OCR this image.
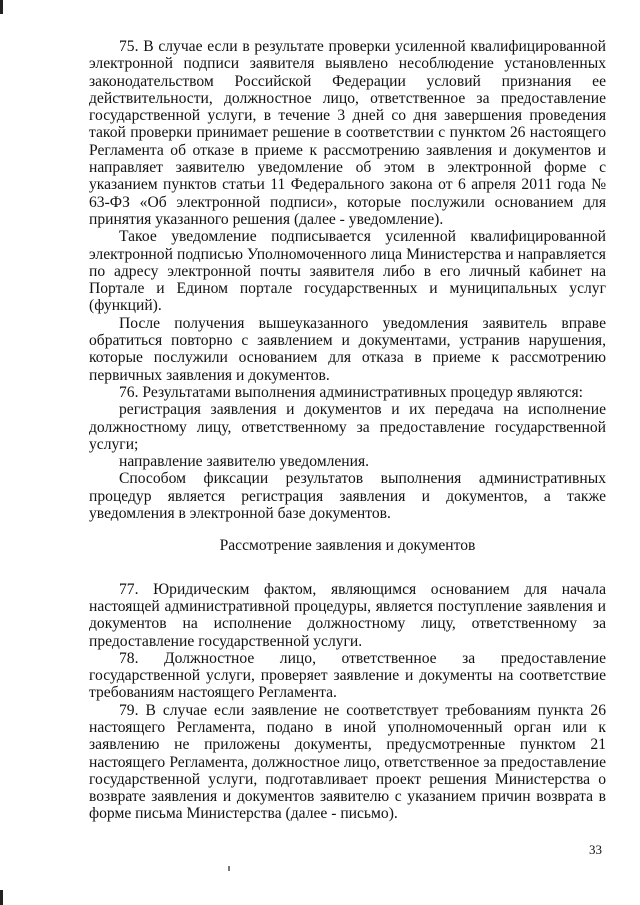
75. В случае если в результате проверки усиленной квалифицированной электронной подписи заявителя выявлено несоблюдение установленных законодательством Российской Федерации условий признания ее действительности, должностное лицо, ответственное за предоставление государственной услуги, в течение 3 дней со дня завершения проведения такой проверки принимает решение в соответствии с пунктом 26 настоящего Регламента об отказе в приеме к рассмотрению заявления и документов и направляет заявителю уведомление об этом в электронной форме с указанием пунктов статьи 11 Федерального закона от 6 апреля 2011 года № 63-ФЗ «Об электронной подписи», которые послужили основанием для принятия указанного решения (далее - уведомление).

Такое уведомление подписывается усиленной квалифицированной электронной подписью Уполномоченного лица Министерства и направляется по адресу электронной почты заявителя либо в его личный кабинет на Портале и Едином портале государственных и муниципальных услуг (функций).

После получения вышеуказанного уведомления заявитель вправе обратиться повторно с заявлением и документами, устранив нарушения, которые послужили основанием для отказа в приеме к рассмотрению первичных заявления и документов.

76. Результатами выполнения административных процедур являются:

регистрация заявления и документов и их передача на исполнение должностному лицу, ответственному за предоставление государственной услуги;

направление заявителю уведомления.

Способом фиксации результатов выполнения административных процедур является регистрация заявления и документов, а также уведомления в электронной базе документов.

Рассмотрение заявления и документов

77. Юридическим фактом, являющимся основанием для начала настоящей административной процедуры, является поступление заявления и документов на исполнение должностному лицу, ответственному за предоставление государственной услуги.

78. Должностное лицо, ответственное за предоставление государственной услуги, проверяет заявление и документы на соответствие требованиям настоящего Регламента.

79. В случае если заявление не соответствует требованиям пункта 26 настоящего Регламента, подано в иной уполномоченный орган или к заявлению не приложены документы, предусмотренные пунктом 21 настоящего Регламента, должностное лицо, ответственное за предоставление государственной услуги, подготавливает проект решения Министерства о возврате заявления и документов заявителю с указанием причин возврата в форме письма Министерства (далее - письмо).

33
